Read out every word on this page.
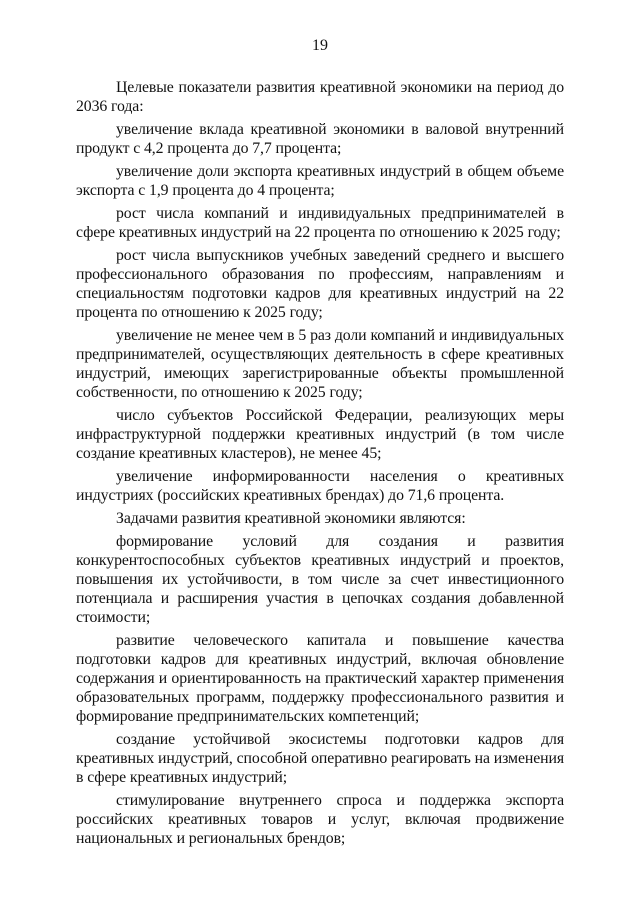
19

Целевые показатели развития креативной экономики на период до 2036 года:

увеличение вклада креативной экономики в валовой внутренний продукт с 4,2 процента до 7,7 процента;

увеличение доли экспорта креативных индустрий в общем объеме экспорта с 1,9 процента до 4 процента;

рост числа компаний и индивидуальных предпринимателей в сфере креативных индустрий на 22 процента по отношению к 2025 году;

рост числа выпускников учебных заведений среднего и высшего профессионального образования по профессиям, направлениям и специальностям подготовки кадров для креативных индустрий на 22 процента по отношению к 2025 году;

увеличение не менее чем в 5 раз доли компаний и индивидуальных предпринимателей, осуществляющих деятельность в сфере креативных индустрий, имеющих зарегистрированные объекты промышленной собственности, по отношению к 2025 году;

число субъектов Российской Федерации, реализующих меры инфраструктурной поддержки креативных индустрий (в том числе создание креативных кластеров), не менее 45;

увеличение информированности населения о креативных индустриях (российских креативных брендах) до 71,6 процента.

Задачами развития креативной экономики являются:

формирование условий для создания и развития конкурентоспособных субъектов креативных индустрий и проектов, повышения их устойчивости, в том числе за счет инвестиционного потенциала и расширения участия в цепочках создания добавленной стоимости;

развитие человеческого капитала и повышение качества подготовки кадров для креативных индустрий, включая обновление содержания и ориентированность на практический характер применения образовательных программ, поддержку профессионального развития и формирование предпринимательских компетенций;

создание устойчивой экосистемы подготовки кадров для креативных индустрий, способной оперативно реагировать на изменения в сфере креативных индустрий;

стимулирование внутреннего спроса и поддержка экспорта российских креативных товаров и услуг, включая продвижение национальных и региональных брендов;
